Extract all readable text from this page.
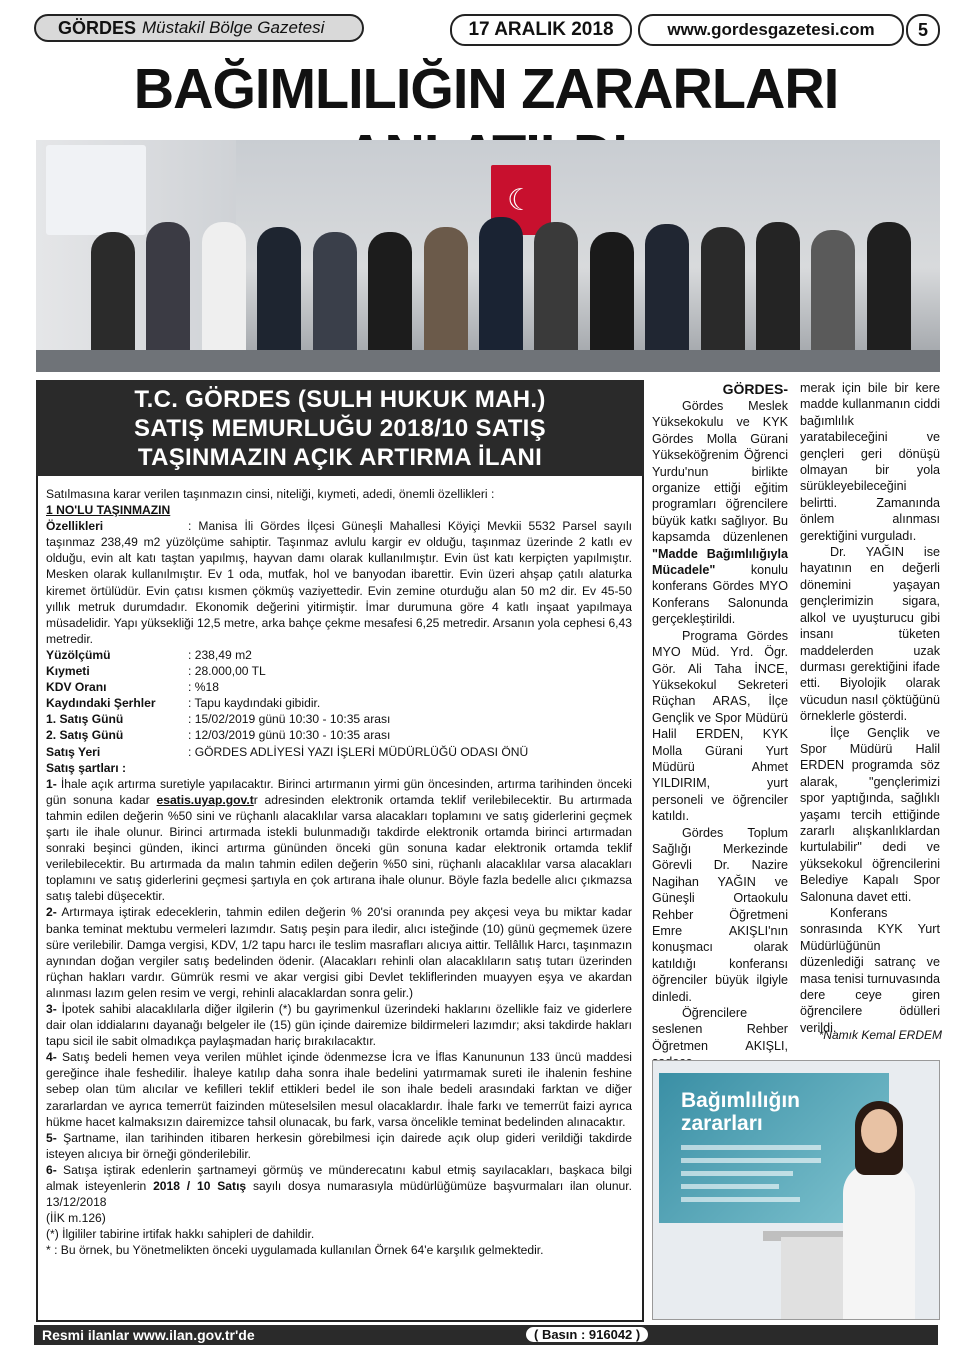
GÖRDES Müstakil Bölge Gazetesi	17 ARALIK 2018	www.gordesgazetesi.com	5
BAĞIMLILIĞIN ZARARLARI
☾
T.C. GÖRDES (SULH HUKUK MAH.)
SATIŞ MEMURLUĞU 2018/10 SATIŞ
TAŞINMAZIN AÇIK ARTIRMA İLANI

Satılmasına karar verilen taşınmazın cinsi, niteliği, kıymeti, adedi, önemli özellikleri :

1 NO'LU TAŞINMAZIN

Özellikleri	: Manisa İli Gördes İlçesi Güneşli Mahallesi Köyiçi Mevkii 5532 Parsel sayılı taşınmaz 238,49 m2 yüzölçüme sahiptir. Taşınmaz avlulu kargir ev olduğu, taşınmaz üzerinde 2 katlı ev olduğu, evin alt katı taştan yapılmış, hayvan damı olarak kullanılmıştır. Evin üst katı kerpiçten yapılmıştır. Mesken olarak kullanılmıştır. Ev 1 oda, mutfak, hol ve banyodan ibarettir. Evin üzeri ahşap çatılı alaturka kiremet örtülüdür. Evin çatısı kısmen çökmüş vaziyettedir. Evin zemine oturduğu alan 50 m2 dir. Ev 45-50 yıllık metruk durumdadır. Ekonomik değerini yitirmiştir. İmar durumuna göre 4 katlı inşaat yapılmaya müsadelidir. Yapı yüksekliği 12,5 metre, arka bahçe çekme mesafesi 6,25 metredir. Arsanın yola cephesi 6,43 metredir.

Yüzölçümü	: 238,49 m2
Kıymeti	: 28.000,00 TL
KDV Oranı	: %18
Kaydındaki Şerhler	: Tapu kaydındaki gibidir.
1. Satış Günü	: 15/02/2019 günü 10:30 - 10:35 arası
2. Satış Günü	: 12/03/2019 günü 10:30 - 10:35 arası
Satış Yeri	: GÖRDES ADLİYESİ YAZI İŞLERİ MÜDÜRLÜĞÜ ODASI ÖNÜ

Satış şartları :

1- İhale açık artırma suretiyle yapılacaktır. Birinci artırmanın yirmi gün öncesinden, artırma tarihinden önceki gün sonuna kadar esatis.uyap.gov.tr adresinden elektronik ortamda teklif verilebilecektir. Bu artırmada tahmin edilen değerin %50 sini ve rüçhanlı alacaklılar varsa alacakları toplamını ve satış giderlerini geçmek şartı ile ihale olunur. Birinci artırmada istekli bulunmadığı takdirde elektronik ortamda birinci artırmadan sonraki beşinci günden, ikinci artırma gününden önceki gün sonuna kadar elektronik ortamda teklif verilebilecektir. Bu artırmada da malın tahmin edilen değerin %50 sini, rüçhanlı alacaklılar varsa alacakları toplamını ve satış giderlerini geçmesi şartıyla en çok artırana ihale olunur. Böyle fazla bedelle alıcı çıkmazsa satış talebi düşecektir.

2- Artırmaya iştirak edeceklerin, tahmin edilen değerin % 20'si oranında pey akçesi veya bu miktar kadar banka teminat mektubu vermeleri lazımdır. Satış peşin para iledir, alıcı isteğinde (10) günü geçmemek üzere süre verilebilir. Damga vergisi, KDV, 1/2 tapu harcı ile teslim masrafları alıcıya aittir. Tellâllık Harcı, taşınmazın aynından doğan vergiler satış bedelinden ödenir. (Alacakları rehinli olan alacaklıların satış tutarı üzerinden rüçhan hakları vardır. Gümrük resmi ve akar vergisi gibi Devlet tekliflerinden muayyen eşya ve akardan alınması lazım gelen resim ve vergi, rehinli alacaklardan sonra gelir.)

3- İpotek sahibi alacaklılarla diğer ilgilerin (*) bu gayrimenkul üzerindeki haklarını özellikle faiz ve giderlere dair olan iddialarını dayanağı belgeler ile (15) gün içinde dairemize bildirmeleri lazımdır; aksi takdirde hakları tapu sicil ile sabit olmadıkça paylaşmadan hariç bırakılacaktır.

4- Satış bedeli hemen veya verilen mühlet içinde ödenmezse İcra ve İflas Kanununun 133 üncü maddesi gereğince ihale feshedilir. İhaleye katılıp daha sonra ihale bedelini yatırmamak sureti ile ihalenin feshine sebep olan tüm alıcılar ve kefilleri teklif ettikleri bedel ile son ihale bedeli arasındaki farktan ve diğer zararlardan ve ayrıca temerrüt faizinden müteselsilen mesul olacaklardır. İhale farkı ve temerrüt faizi ayrıca hükme hacet kalmaksızın dairemizce tahsil olunacak, bu fark, varsa öncelikle teminat bedelinden alınacaktır.

5- Şartname, ilan tarihinden itibaren herkesin görebilmesi için dairede açık olup gideri verildiği takdirde isteyen alıcıya bir örneği gönderilebilir.

6- Satışa iştirak edenlerin şartnameyi görmüş ve münderecatını kabul etmiş sayılacakları, başkaca bilgi almak isteyenlerin 2018 / 10 Satış sayılı dosya numarasıyla müdürlüğümüze başvurmaları ilan olunur. 13/12/2018

(İİK m.126)

(*) İlgililer tabirine irtifak hakkı sahipleri de dahildir.

* : Bu örnek, bu Yönetmelikten önceki uygulamada kullanılan Örnek 64'e karşılık gelmektedir.

Resmi ilanlar www.ilan.gov.tr'de	( Basın : 916042 )
GÖRDES-

Gördes Meslek Yüksekokulu ve KYK Gördes Molla Gürani Yükseköğrenim Öğrenci Yurdu'nun birlikte organize ettiği eğitim programları öğrencilere büyük katkı sağlıyor. Bu kapsamda düzenlenen "Madde Bağımlılığıyla Mücadele" konulu konferans Gördes MYO Konferans Salonunda gerçekleştirildi.

Programa Gördes MYO Müd. Yrd. Ögr. Gör. Ali Taha İNCE, Yüksekokul Sekreteri Rüçhan ARAS, İlçe Gençlik ve Spor Müdürü Halil ERDEN, KYK Molla Gürani Yurt Müdürü Ahmet YILDIRIM, yurt personeli ve öğrenciler katıldı.

Gördes Toplum Sağlığı Merkezinde Görevli Dr. Nazire Nagihan YAĞIN ve Güneşli Ortaokulu Rehber Öğretmeni Emre AKIŞLI'nın konuşmacı olarak katıldığı konferansı öğrenciler büyük ilgiyle dinledi.

Öğrencilere seslenen Rehber Öğretmen AKIŞLI,

merak için bile bir kere madde kullanmanın ciddi bağımlılık yaratabileceğini ve gençleri geri dönüşü olmayan bir yola sürükleyebileceğini belirtti. Zamanında önlem alınması gerektiğini vurguladı.

Dr. YAĞIN ise hayatının en değerli dönemini yaşayan gençlerimizin sigara, alkol ve uyuşturucu gibi insanı tüketen maddelerden uzak durması gerektiğini ifade etti. Biyolojik olarak vücudun nasıl çöktüğünü örneklerle gösterdi.

İlçe Gençlik ve Spor Müdürü Halil ERDEN programda söz alarak, "gençlerimizi spor yaptığında, sağlıklı yaşamı tercih ettiğinde zararlı alışkanlıklardan kurtulabilir" dedi ve yüksekokul öğrencilerini Belediye Kapalı Spor Salonuna davet etti.

Konferans sonrasında KYK Yurt Müdürlüğünün düzenlediği satranç ve masa tenisi turnuvasında dere ceye giren öğrencilere ödülleri verildi.

*Namık Kemal ERDEM
Bağımlılığın
zararları
